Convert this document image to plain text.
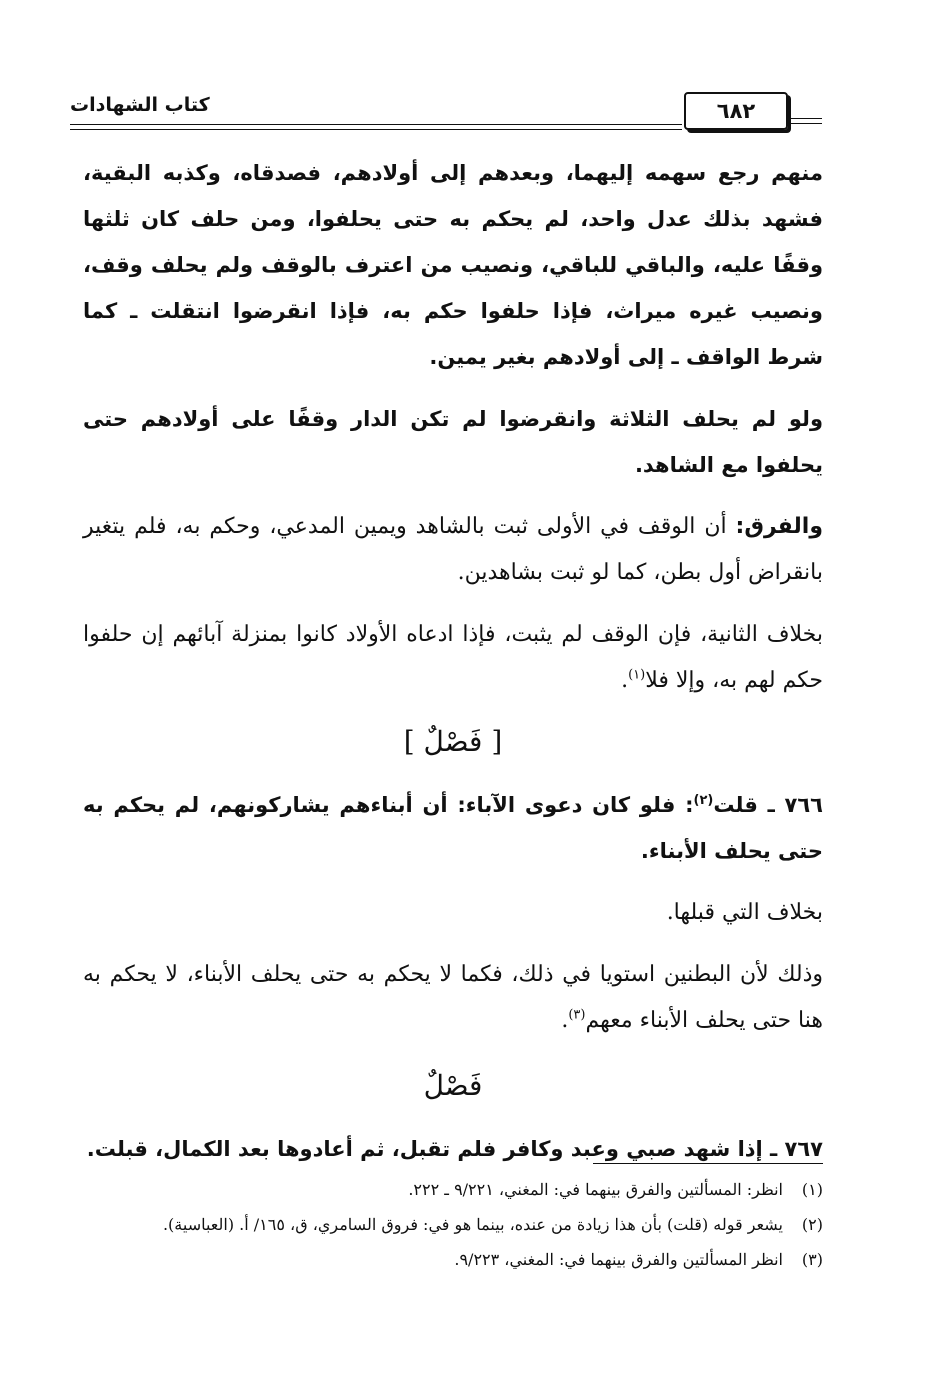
كتاب الشهادات	٦٨٢

منهم رجع سهمه إليهما، وبعدهم إلى أولادهم، فصدقاه، وكذبه البقية، فشهد بذلك عدل واحد، لم يحكم به حتى يحلفوا، ومن حلف كان ثلثها وقفًا عليه، والباقي للباقي، ونصيب من اعترف بالوقف ولم يحلف وقف، ونصيب غيره ميراث، فإذا حلفوا حكم به، فإذا انقرضوا انتقلت ـ كما شرط الواقف ـ إلى أولادهم بغير يمين.

ولو لم يحلف الثلاثة وانقرضوا لم تكن الدار وقفًا على أولادهم حتى يحلفوا مع الشاهد.

والفرق: أن الوقف في الأولى ثبت بالشاهد ويمين المدعي، وحكم به، فلم يتغير بانقراض أول بطن، كما لو ثبت بشاهدين.

بخلاف الثانية، فإن الوقف لم يثبت، فإذا ادعاه الأولاد كانوا بمنزلة آبائهم إن حلفوا حكم لهم به، وإلا فلا$^{(١)}$.

[ فَصْلٌ ]

٧٦٦ ـ قلت$^{(٢)}$: فلو كان دعوى الآباء: أن أبناءهم يشاركونهم، لم يحكم به حتى يحلف الأبناء.

بخلاف التي قبلها.

وذلك لأن البطنين استويا في ذلك، فكما لا يحكم به حتى يحلف الأبناء، لا يحكم به هنا حتى يحلف الأبناء معهم$^{(٣)}$.

فَصْلٌ

٧٦٧ ـ إذا شهد صبي وعبد وكافر فلم تقبل، ثم أعادوها بعد الكمال، قبلت.

(١)
انظر: المسألتين والفرق بينهما في: المغني، ٩/٢٢١ ـ ٢٢٢.
(٢)
يشعر قوله (قلت) بأن هذا زيادة من عنده، بينما هو في: فروق السامري، ق، ١٦٥/ أ. (العباسية).
(٣)
انظر المسألتين والفرق بينهما في: المغني، ٩/٢٢٣.
